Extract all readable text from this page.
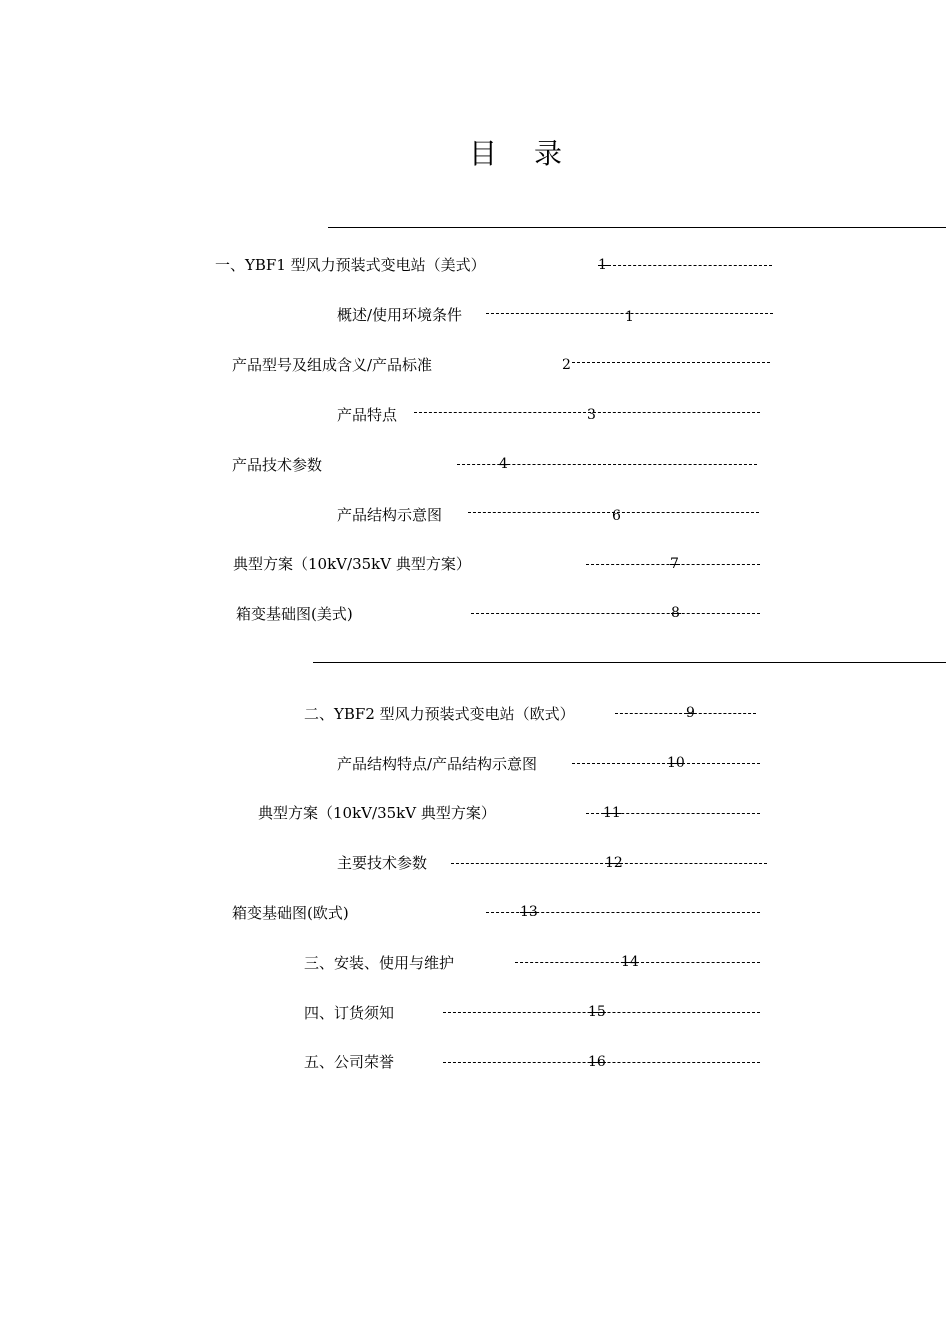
目 录
一、YBF1 型风力预装式变电站（美式）	1
概述/使用环境条件	1
产品型号及组成含义/产品标准	2
产品特点	3
产品技术参数	4
产品结构示意图	6
典型方案（10kV/35kV 典型方案）	7
箱变基础图(美式)	8
二、YBF2 型风力预装式变电站（欧式）	9
产品结构特点/产品结构示意图	10
典型方案（10kV/35kV 典型方案）	11
主要技术参数	12
箱变基础图(欧式)	13
三、安装、使用与维护	14
四、订货须知	15
五、公司荣誉	16
